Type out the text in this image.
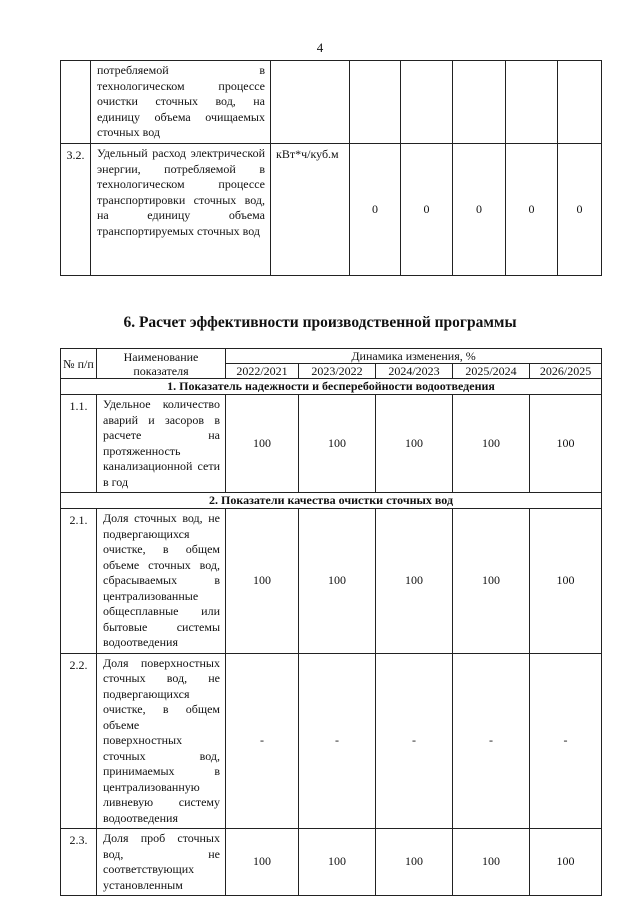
4
	потребляемой в технологическом процессе очистки сточных вод, на единицу объема очищаемых сточных вод						
3.2.	Удельный расход электрической энергии, потребляемой в технологическом процессе транспортировки сточных вод, на единицу объема транспортируемых сточных вод	кВт*ч/куб.м	0	0	0	0	0
6. Расчет эффективности производственной программы
№ п/п	Наименование показателя	Динамика изменения, %				
		2022/2021	2023/2022	2024/2023	2025/2024	2026/2025
1. Показатель надежности и бесперебойности водоотведения						
1.1.	Удельное количество аварий и засоров в расчете на протяженность канализационной сети в год	100	100	100	100	100
2. Показатели качества очистки сточных вод						
2.1.	Доля сточных вод, не подвергающихся очистке, в общем объеме сточных вод, сбрасываемых в централизованные общесплавные или бытовые системы водоотведения	100	100	100	100	100
2.2.	Доля поверхностных сточных вод, не подвергающихся очистке, в общем объеме поверхностных сточных вод, принимаемых в централизованную ливневую систему водоотведения	-	-	-	-	-
2.3.	Доля проб сточных вод, не соответствующих установленным	100	100	100	100	100
